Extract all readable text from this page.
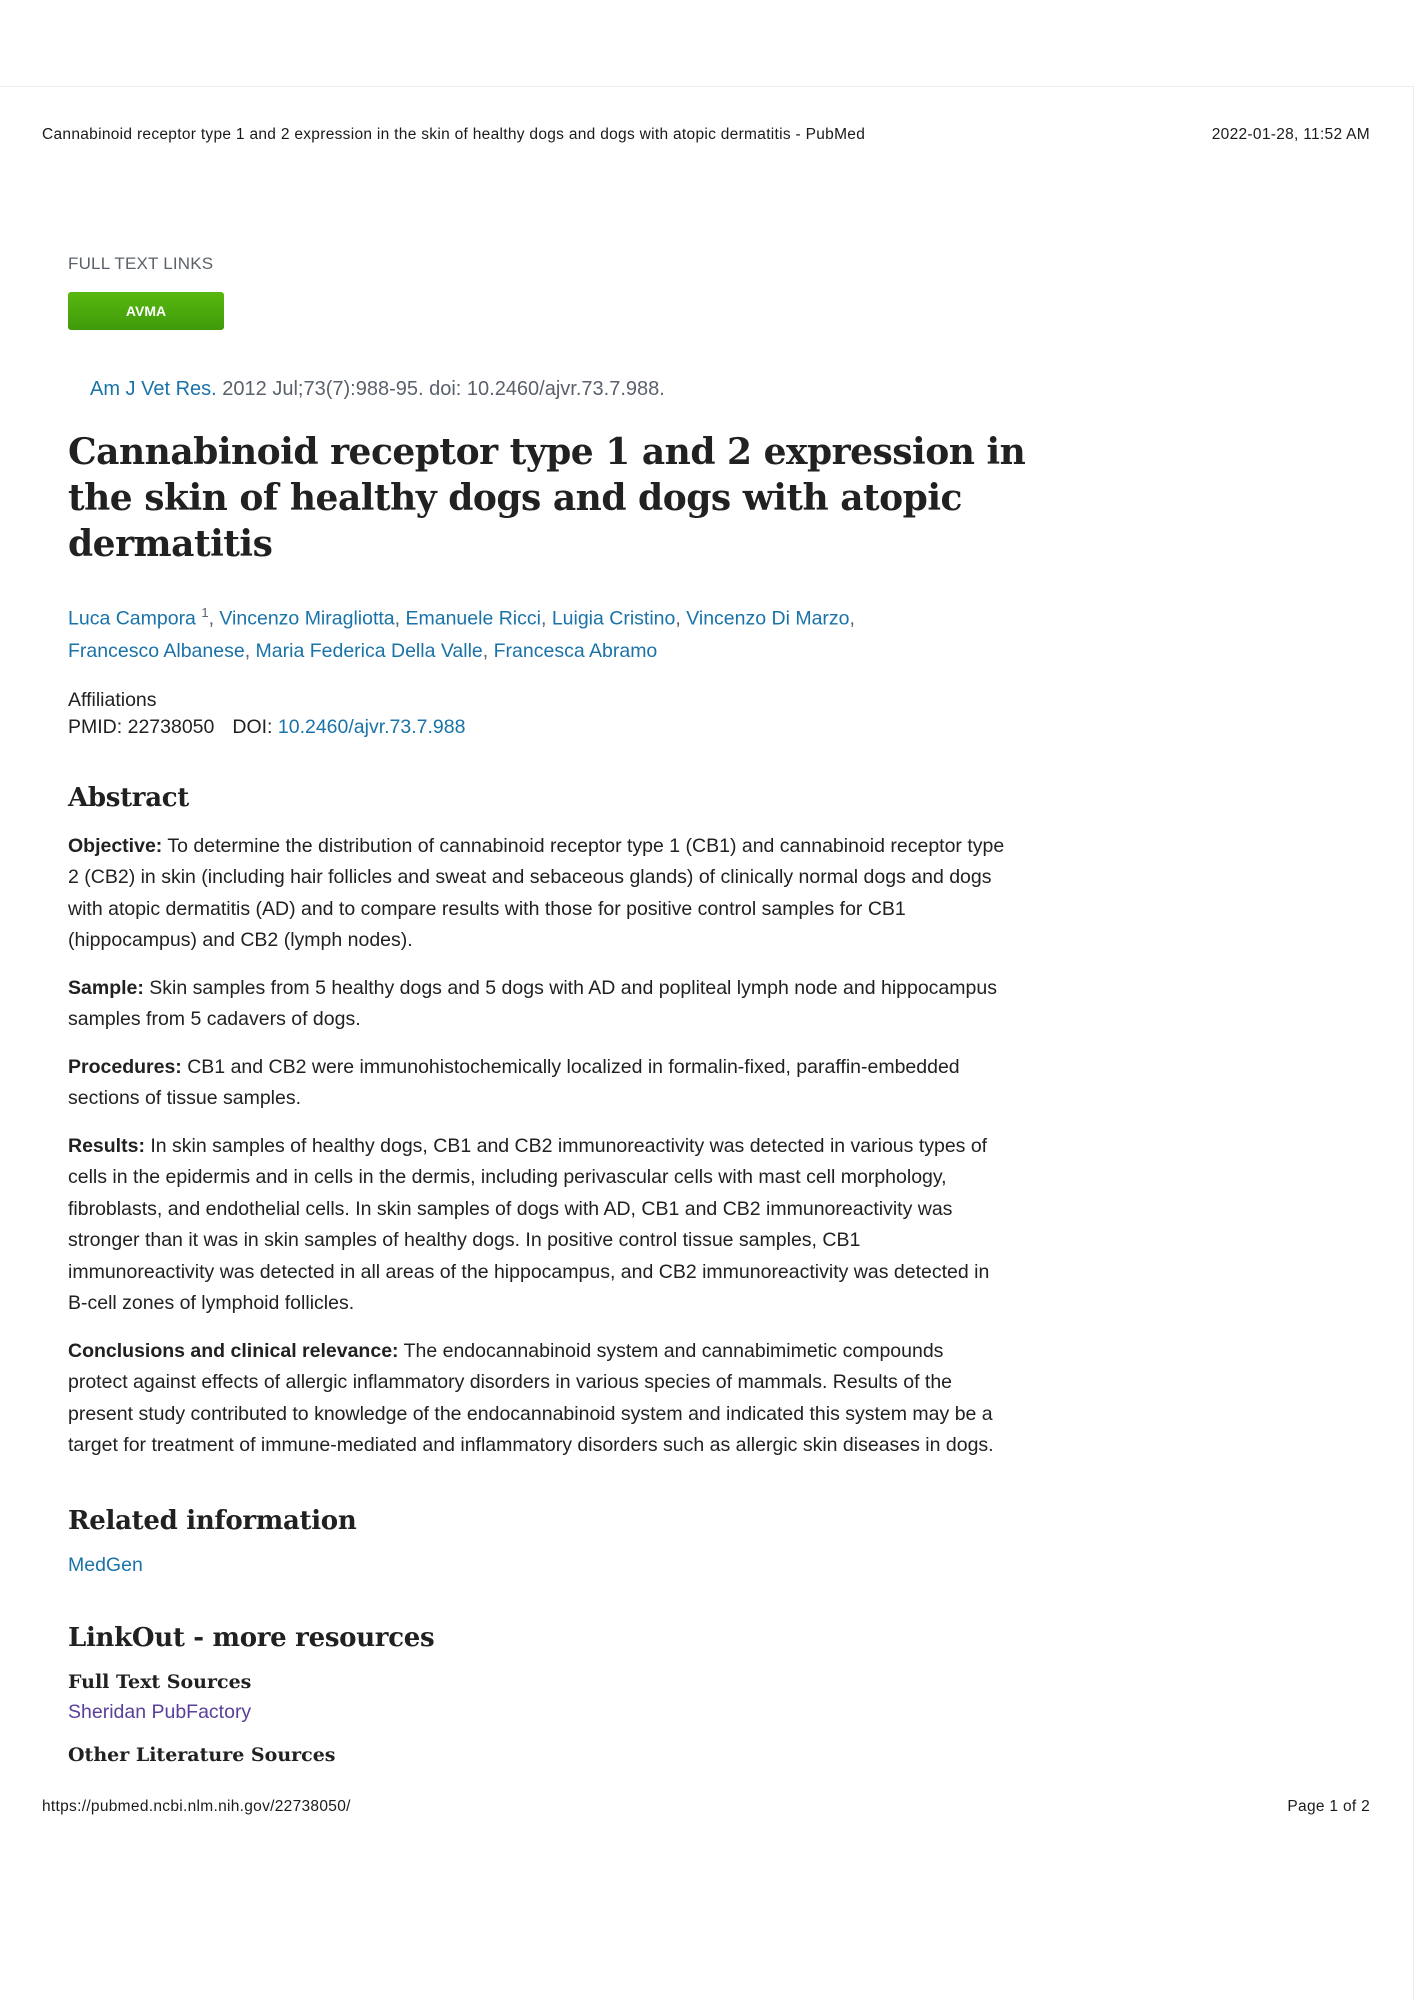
Cannabinoid receptor type 1 and 2 expression in the skin of healthy dogs and dogs with atopic dermatitis - PubMed	2022-01-28, 11:52 AM
FULL TEXT LINKS
AVMA
Am J Vet Res. 2012 Jul;73(7):988-95. doi: 10.2460/ajvr.73.7.988.
Cannabinoid receptor type 1 and 2 expression in the skin of healthy dogs and dogs with atopic dermatitis
Luca Campora $^1$, Vincenzo Miragliotta, Emanuele Ricci, Luigia Cristino, Vincenzo Di Marzo,
Francesco Albanese, Maria Federica Della Valle, Francesca Abramo
Affiliations
PMID: 22738050 DOI: 10.2460/ajvr.73.7.988
Abstract
Objective: To determine the distribution of cannabinoid receptor type 1 (CB1) and cannabinoid receptor type 2 (CB2) in skin (including hair follicles and sweat and sebaceous glands) of clinically normal dogs and dogs with atopic dermatitis (AD) and to compare results with those for positive control samples for CB1 (hippocampus) and CB2 (lymph nodes).
Sample: Skin samples from 5 healthy dogs and 5 dogs with AD and popliteal lymph node and hippocampus samples from 5 cadavers of dogs.
Procedures: CB1 and CB2 were immunohistochemically localized in formalin-fixed, paraffin-embedded sections of tissue samples.
Results: In skin samples of healthy dogs, CB1 and CB2 immunoreactivity was detected in various types of cells in the epidermis and in cells in the dermis, including perivascular cells with mast cell morphology, fibroblasts, and endothelial cells. In skin samples of dogs with AD, CB1 and CB2 immunoreactivity was stronger than it was in skin samples of healthy dogs. In positive control tissue samples, CB1 immunoreactivity was detected in all areas of the hippocampus, and CB2 immunoreactivity was detected in B-cell zones of lymphoid follicles.
Conclusions and clinical relevance: The endocannabinoid system and cannabimimetic compounds protect against effects of allergic inflammatory disorders in various species of mammals. Results of the present study contributed to knowledge of the endocannabinoid system and indicated this system may be a target for treatment of immune-mediated and inflammatory disorders such as allergic skin diseases in dogs.
Related information
MedGen
LinkOut - more resources
Full Text Sources
Sheridan PubFactory
Other Literature Sources
https://pubmed.ncbi.nlm.nih.gov/22738050/	Page 1 of 2
